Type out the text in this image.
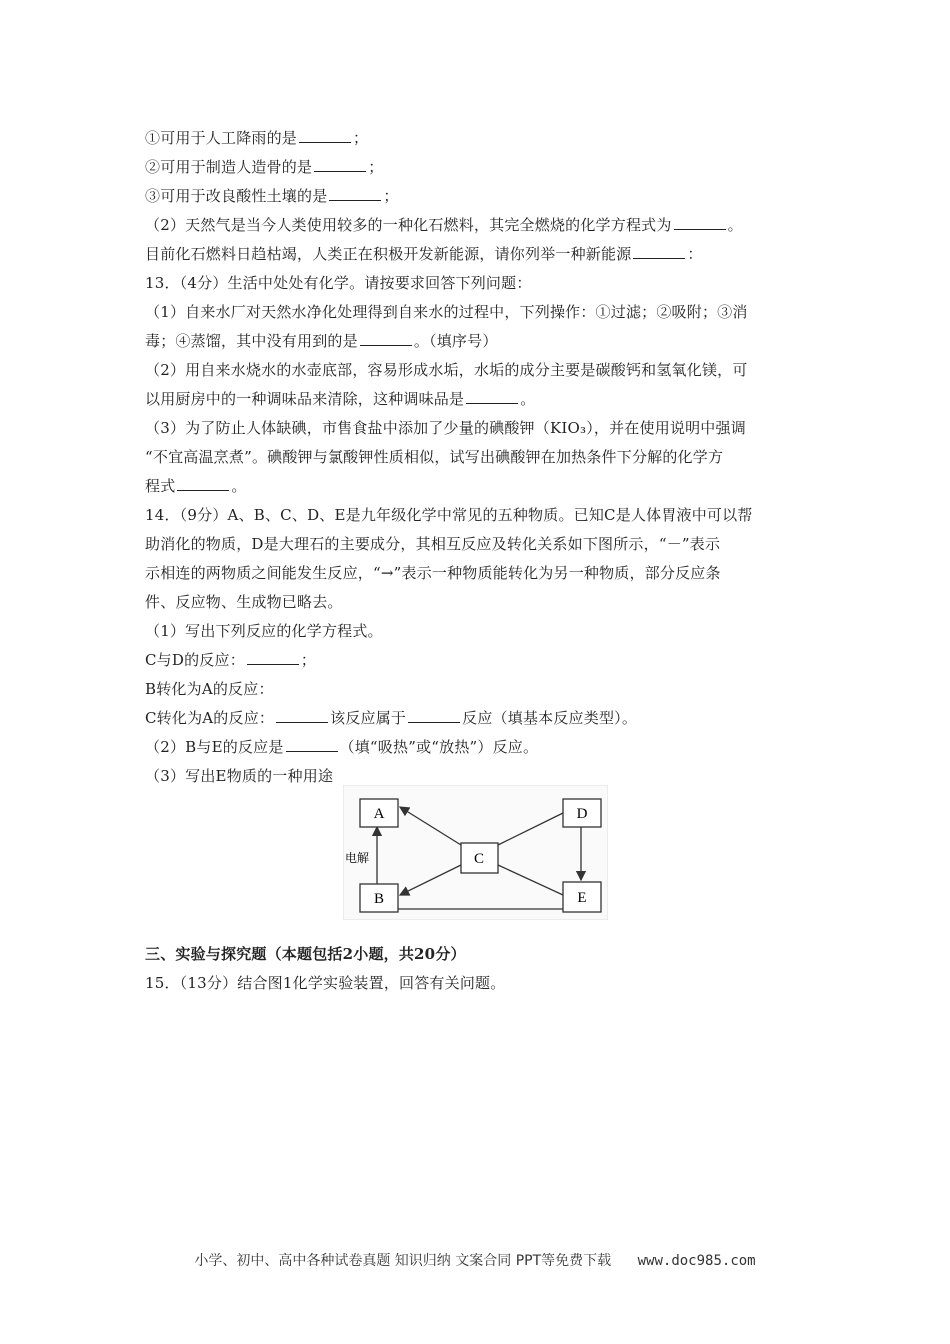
①可用于人工降雨的是	；
②可用于制造人造骨的是	；
③可用于改良酸性土壤的是	；
（2）天然气是当今人类使用较多的一种化石燃料，其完全燃烧的化学方程式为	。
目前化石燃料日趋枯竭，人类正在积极开发新能源，请你列举一种新能源	：
13．（4分）生活中处处有化学。请按要求回答下列问题：
（1）自来水厂对天然水净化处理得到自来水的过程中，下列操作：①过滤；②吸附；③消
毒；④蒸馏，其中没有用到的是	。（填序号）
（2）用自来水烧水的水壶底部，容易形成水垢，水垢的成分主要是碳酸钙和氢氧化镁，可
以用厨房中的一种调味品来清除，这种调味品是	。
（3）为了防止人体缺碘，市售食盐中添加了少量的碘酸钾（KIO₃），并在使用说明中强调
“不宜高温烹煮”。碘酸钾与氯酸钾性质相似，试写出碘酸钾在加热条件下分解的化学方
程式	。
14．（9分）A、B、C、D、E是九年级化学中常见的五种物质。已知C是人体胃液中可以帮
助消化的物质，D是大理石的主要成分，其相互反应及转化关系如下图所示，“－”表示
示相连的两物质之间能发生反应，“→”表示一种物质能转化为另一种物质，部分反应条
件、反应物、生成物已略去。
（1）写出下列反应的化学方程式。
C与D的反应：	；
B转化为A的反应：
C转化为A的反应：	该反应属于	反应（填基本反应类型）。
（2）B与E的反应是	（填“吸热”或“放热”）反应。
（3）写出E物质的一种用途
三、实验与探究题（本题包括2小题，共20分）
15．（13分）结合图1化学实验装置，回答有关问题。
A
B
C
D
E
电解
小学、初中、高中各种试卷真题 知识归纳 文案合同 PPT等免费下载 www.doc985.com
